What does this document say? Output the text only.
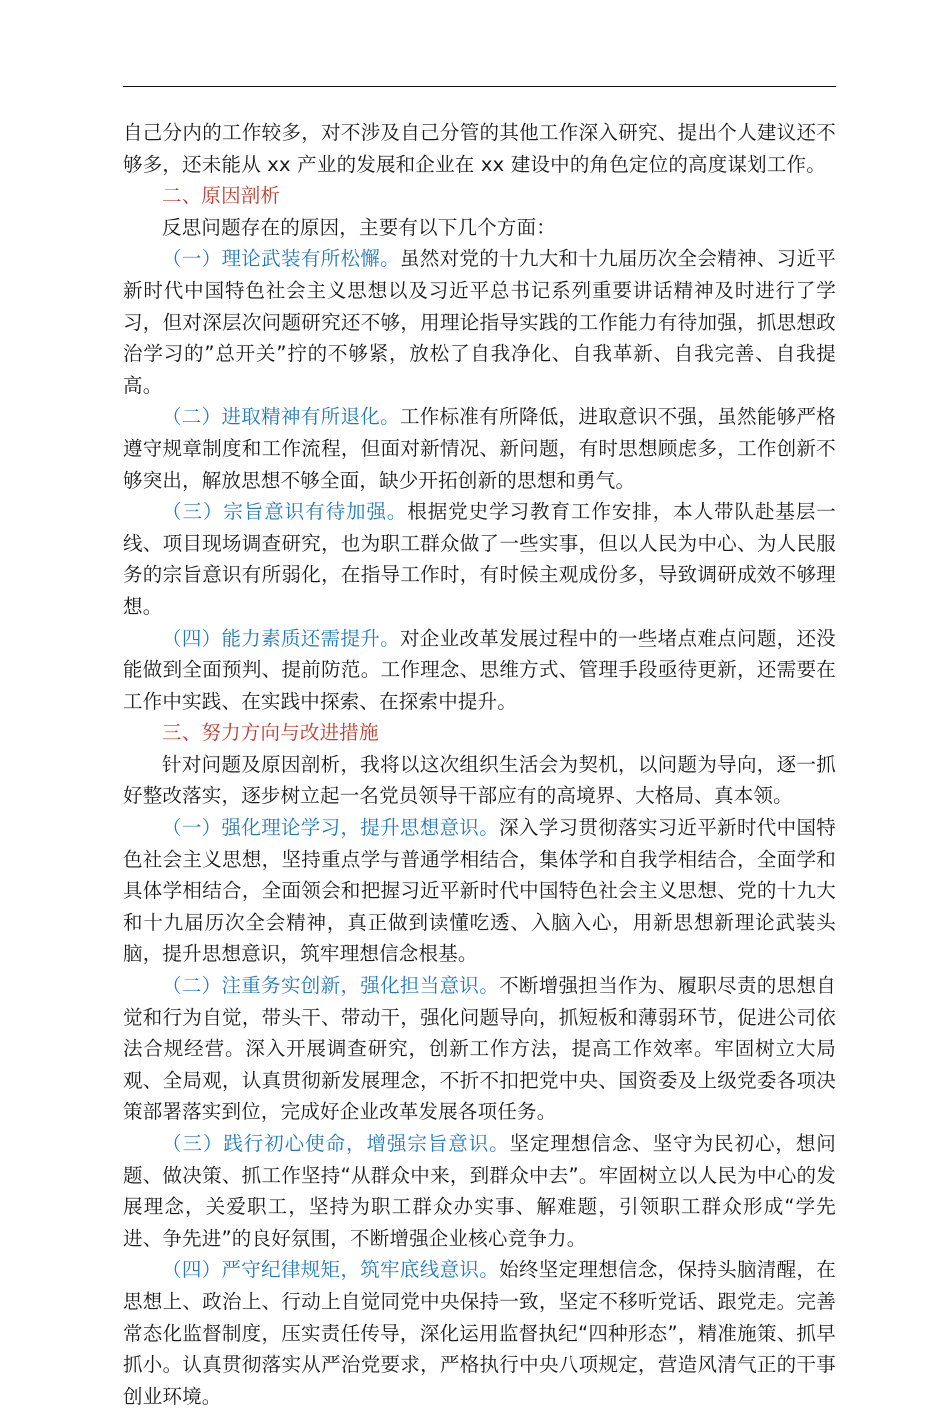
自己分内的工作较多，对不涉及自己分管的其他工作深入研究、提出个人建议还不够多，还未能从 xx 产业的发展和企业在 xx 建设中的角色定位的高度谋划工作。

二、原因剖析

反思问题存在的原因，主要有以下几个方面：

（一）理论武装有所松懈。虽然对党的十九大和十九届历次全会精神、习近平新时代中国特色社会主义思想以及习近平总书记系列重要讲话精神及时进行了学习，但对深层次问题研究还不够，用理论指导实践的工作能力有待加强，抓思想政治学习的”总开关”拧的不够紧，放松了自我净化、自我革新、自我完善、自我提高。

（二）进取精神有所退化。工作标准有所降低，进取意识不强，虽然能够严格遵守规章制度和工作流程，但面对新情况、新问题，有时思想顾虑多，工作创新不够突出，解放思想不够全面，缺少开拓创新的思想和勇气。

（三）宗旨意识有待加强。根据党史学习教育工作安排，本人带队赴基层一线、项目现场调查研究，也为职工群众做了一些实事，但以人民为中心、为人民服务的宗旨意识有所弱化，在指导工作时，有时候主观成份多，导致调研成效不够理想。

（四）能力素质还需提升。对企业改革发展过程中的一些堵点难点问题，还没能做到全面预判、提前防范。工作理念、思维方式、管理手段亟待更新，还需要在工作中实践、在实践中探索、在探索中提升。

三、努力方向与改进措施

针对问题及原因剖析，我将以这次组织生活会为契机，以问题为导向，逐一抓好整改落实，逐步树立起一名党员领导干部应有的高境界、大格局、真本领。

（一）强化理论学习，提升思想意识。深入学习贯彻落实习近平新时代中国特色社会主义思想，坚持重点学与普通学相结合，集体学和自我学相结合，全面学和具体学相结合，全面领会和把握习近平新时代中国特色社会主义思想、党的十九大和十九届历次全会精神，真正做到读懂吃透、入脑入心，用新思想新理论武装头脑，提升思想意识，筑牢理想信念根基。

（二）注重务实创新，强化担当意识。不断增强担当作为、履职尽责的思想自觉和行为自觉，带头干、带动干，强化问题导向，抓短板和薄弱环节，促进公司依法合规经营。深入开展调查研究，创新工作方法，提高工作效率。牢固树立大局观、全局观，认真贯彻新发展理念，不折不扣把党中央、国资委及上级党委各项决策部署落实到位，完成好企业改革发展各项任务。

（三）践行初心使命，增强宗旨意识。坚定理想信念、坚守为民初心，想问题、做决策、抓工作坚持“从群众中来，到群众中去”。牢固树立以人民为中心的发展理念，关爱职工，坚持为职工群众办实事、解难题，引领职工群众形成“学先进、争先进”的良好氛围，不断增强企业核心竞争力。

（四）严守纪律规矩，筑牢底线意识。始终坚定理想信念，保持头脑清醒，在思想上、政治上、行动上自觉同党中央保持一致，坚定不移听党话、跟党走。完善常态化监督制度，压实责任传导，深化运用监督执纪“四种形态”，精准施策、抓早抓小。认真贯彻落实从严治党要求，严格执行中央八项规定，营造风清气正的干事创业环境。
